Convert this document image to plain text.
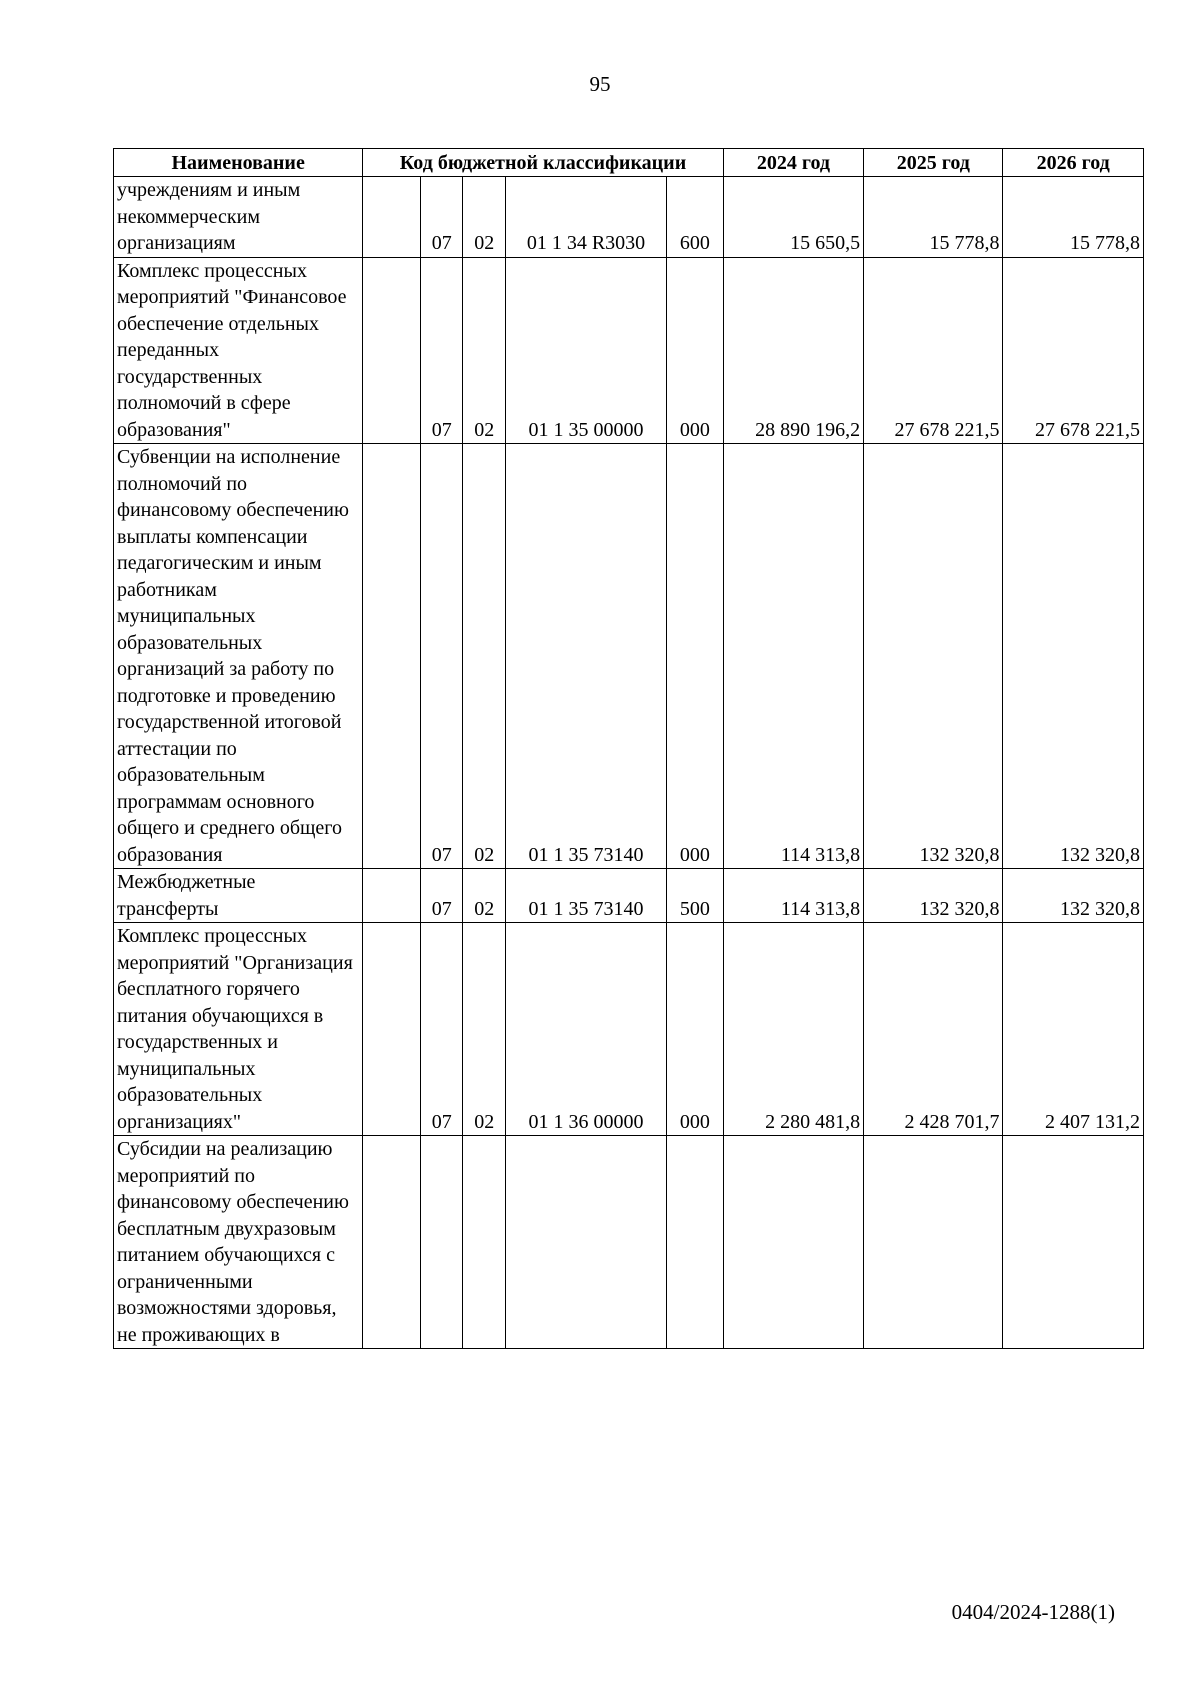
95
Наименование	Код бюджетной классификации					2024 год	2025 год	2026 год
учреждениям и иным некоммерческим организациям		07	02	01 1 34 R3030	600	15 650,5	15 778,8	15 778,8
Комплекс процессных мероприятий "Финансовое обеспечение отдельных переданных государственных полномочий в сфере образования"		07	02	01 1 35 00000	000	28 890 196,2	27 678 221,5	27 678 221,5
Субвенции на исполнение полномочий по финансовому обеспечению выплаты компенсации педагогическим и иным работникам муниципальных образовательных организаций за работу по подготовке и проведению государственной итоговой аттестации по образовательным программам основного общего и среднего общего образования		07	02	01 1 35 73140	000	114 313,8	132 320,8	132 320,8
Межбюджетные трансферты		07	02	01 1 35 73140	500	114 313,8	132 320,8	132 320,8
Комплекс процессных мероприятий "Организация бесплатного горячего питания обучающихся в государственных и муниципальных образовательных организациях"		07	02	01 1 36 00000	000	2 280 481,8	2 428 701,7	2 407 131,2
Субсидии на реализацию мероприятий по финансовому обеспечению бесплатным двухразовым питанием обучающихся с ограниченными возможностями здоровья, не проживающих в								
0404/2024-1288(1)
